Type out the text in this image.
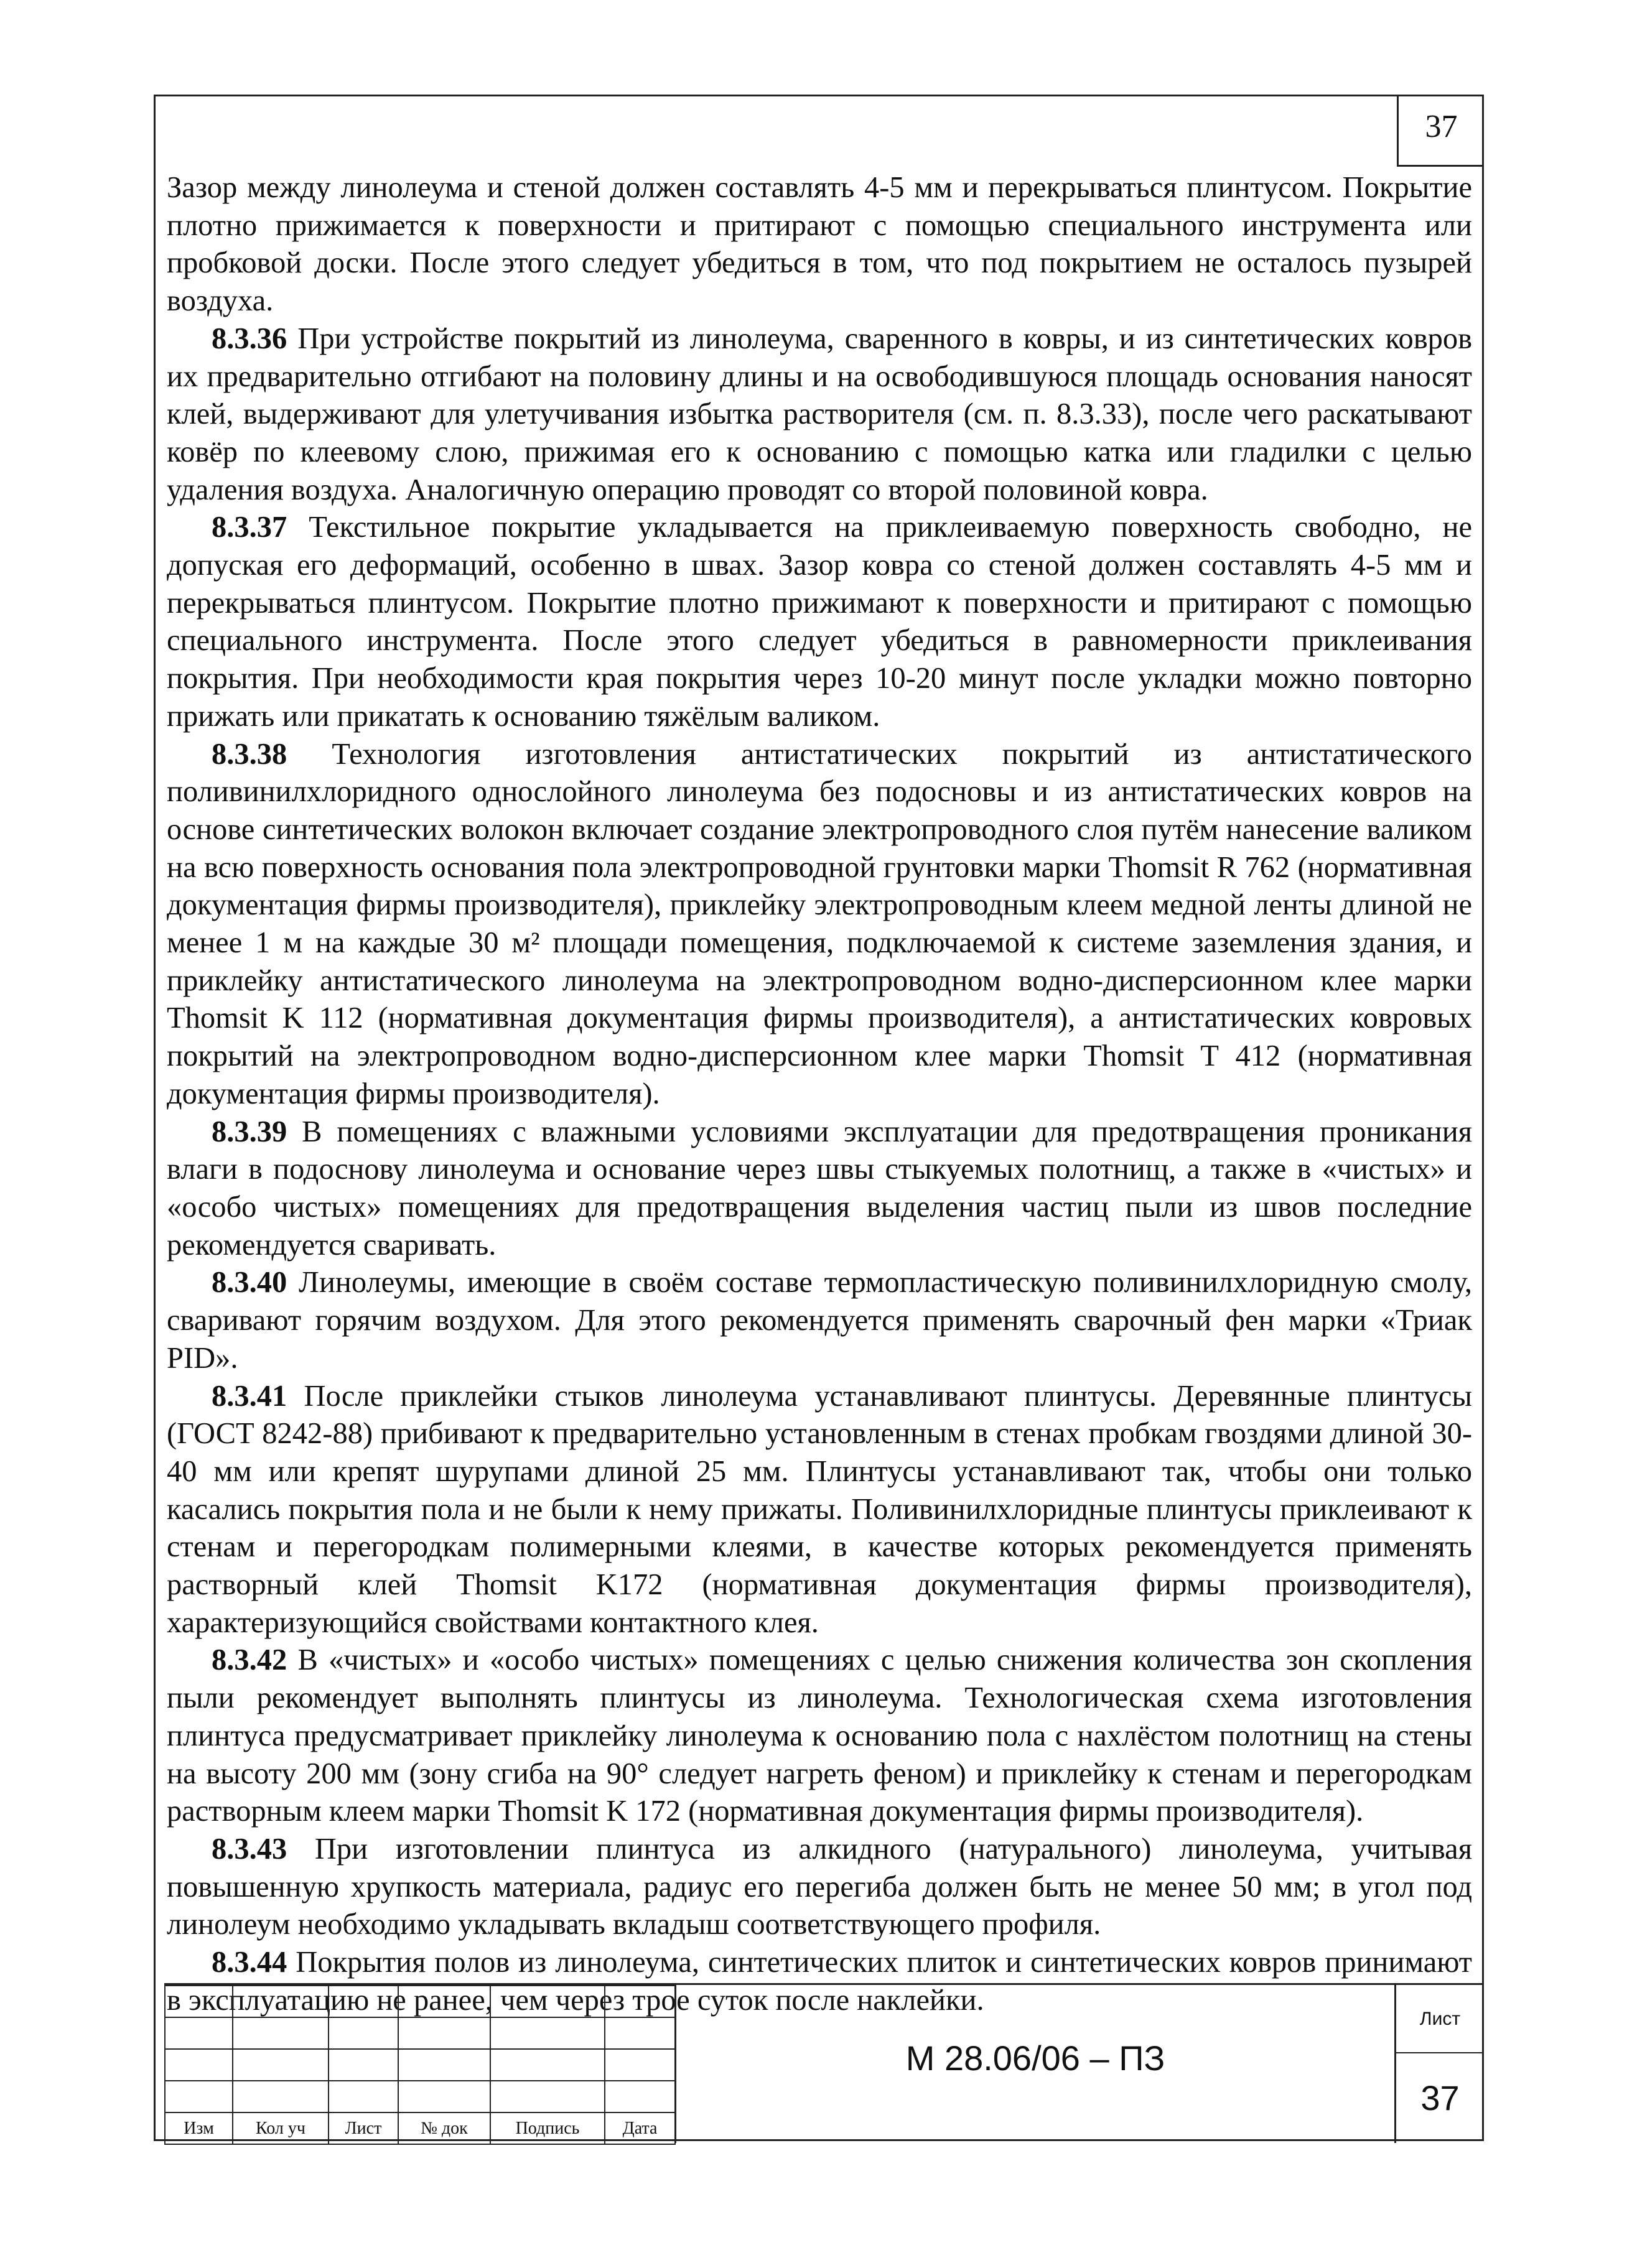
37

Зазор между линолеума и стеной должен составлять 4-5 мм и перекрываться плинтусом. Покрытие плотно прижимается к поверхности и притирают с помощью специального инструмента или пробковой доски. После этого следует убедиться в том, что под покрытием не осталось пузырей воздуха.

8.3.36 При устройстве покрытий из линолеума, сваренного в ковры, и из синтетических ковров их предварительно отгибают на половину длины и на освободившуюся площадь основания наносят клей, выдерживают для улетучивания избытка растворителя (см. п. 8.3.33), после чего раскатывают ковёр по клеевому слою, прижимая его к основанию с помощью катка или гладилки с целью удаления воздуха. Аналогичную операцию проводят со второй половиной ковра.

8.3.37 Текстильное покрытие укладывается на приклеиваемую поверхность свободно, не допуская его деформаций, особенно в швах. Зазор ковра со стеной должен составлять 4-5 мм и перекрываться плинтусом. Покрытие плотно прижимают к поверхности и притирают с помощью специального инструмента. После этого следует убедиться в равномерности приклеивания покрытия. При необходимости края покрытия через 10-20 минут после укладки можно повторно прижать или прикатать к основанию тяжёлым валиком.

8.3.38 Технология изготовления антистатических покрытий из антистатического поливинилхлоридного однослойного линолеума без подосновы и из антистатических ковров на основе синтетических волокон включает создание электропроводного слоя путём нанесение валиком на всю поверхность основания пола электропроводной грунтовки марки Thomsit R 762 (нормативная документация фирмы производителя), приклейку электропроводным клеем медной ленты длиной не менее 1 м на каждые 30 м² площади помещения, подключаемой к системе заземления здания, и приклейку антистатического линолеума на электропроводном водно-дисперсионном клее марки Thomsit K 112 (нормативная документация фирмы производителя), а антистатических ковровых покрытий на электропроводном водно-дисперсионном клее марки Thomsit T 412 (нормативная документация фирмы производителя).

8.3.39 В помещениях с влажными условиями эксплуатации для предотвращения проникания влаги в подоснову линолеума и основание через швы стыкуемых полотнищ, а также в «чистых» и «особо чистых» помещениях для предотвращения выделения частиц пыли из швов последние рекомендуется сваривать.

8.3.40 Линолеумы, имеющие в своём составе термопластическую поливинилхлоридную смолу, сваривают горячим воздухом. Для этого рекомендуется применять сварочный фен марки «Триак PID».

8.3.41 После приклейки стыков линолеума устанавливают плинтусы. Деревянные плинтусы (ГОСТ 8242-88) прибивают к предварительно установленным в стенах пробкам гвоздями длиной 30-40 мм или крепят шурупами длиной 25 мм. Плинтусы устанавливают так, чтобы они только касались покрытия пола и не были к нему прижаты. Поливинилхлоридные плинтусы приклеивают к стенам и перегородкам полимерными клеями, в качестве которых рекомендуется применять растворный клей Thomsit K172 (нормативная документация фирмы производителя), характеризующийся свойствами контактного клея.

8.3.42 В «чистых» и «особо чистых» помещениях с целью снижения количества зон скопления пыли рекомендует выполнять плинтусы из линолеума. Технологическая схема изготовления плинтуса предусматривает приклейку линолеума к основанию пола с нахлёстом полотнищ на стены на высоту 200 мм (зону сгиба на 90° следует нагреть феном) и приклейку к стенам и перегородкам растворным клеем марки Thomsit K 172 (нормативная документация фирмы производителя).

8.3.43 При изготовлении плинтуса из алкидного (натурального) линолеума, учитывая повышенную хрупкость материала, радиус его перегиба должен быть не менее 50 мм; в угол под линолеум необходимо укладывать вкладыш соответствующего профиля.

8.3.44 Покрытия полов из линолеума, синтетических плиток и синтетических ковров принимают в эксплуатацию не ранее, чем через трое суток после наклейки.

Изм	Кол уч	Лист	№ док	Подпись	Дата
М 28.06/06 – ПЗ
Лист
37
